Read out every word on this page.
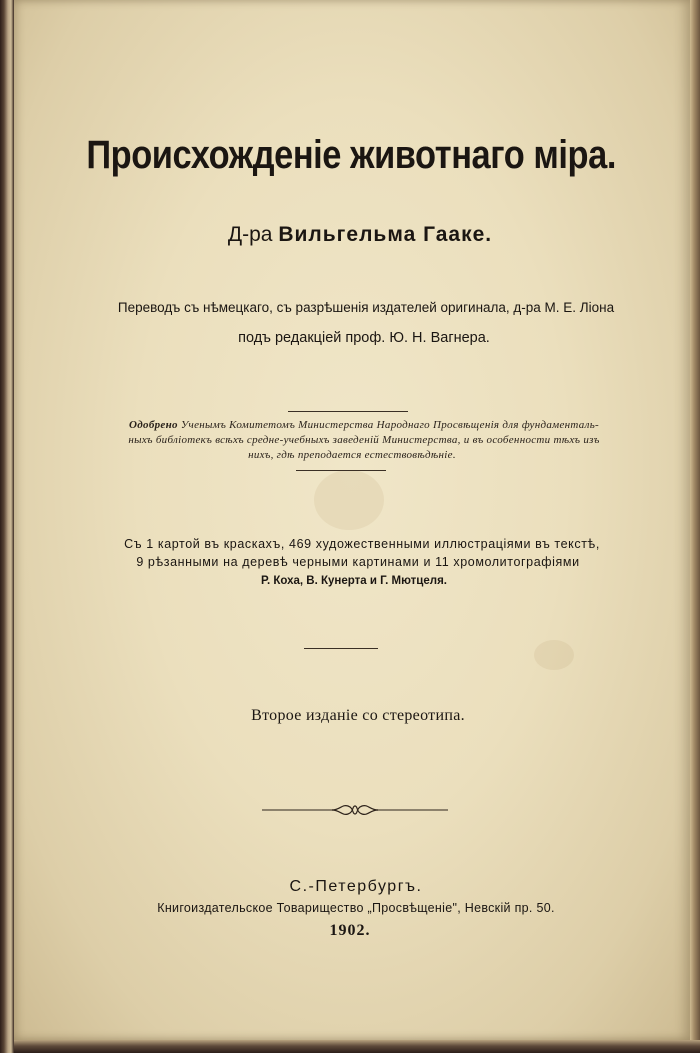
Происхожденіе животнаго міра.
Д-ра Вильгельма Гааке.
Переводъ съ нѣмецкаго, съ разрѣшенія издателей оригинала, д-ра М. Е. Ліона
подъ редакціей проф. Ю. Н. Вагнера.
Одобрено Ученымъ Комитетомъ Министерства Народнаго Просвѣщенія для фундаменталь-
ныхъ библіотекъ всѣхъ средне-учебныхъ заведеній Министерства, и въ особенности тѣхъ изъ
нихъ, гдѣ преподается естествовѣдѣніе.
Съ 1 картой въ краскахъ, 469 художественными иллюстраціями въ текстѣ,
9 рѣзанными на деревѣ черными картинами и 11 хромолитографіями
Р. Коха, В. Кунерта и Г. Мютцеля.
Второе изданіе со стереотипа.
С.-Петербургъ.
Книгоиздательское Товарищество „Просвѣщеніе", Невскій пр. 50.
1902.
